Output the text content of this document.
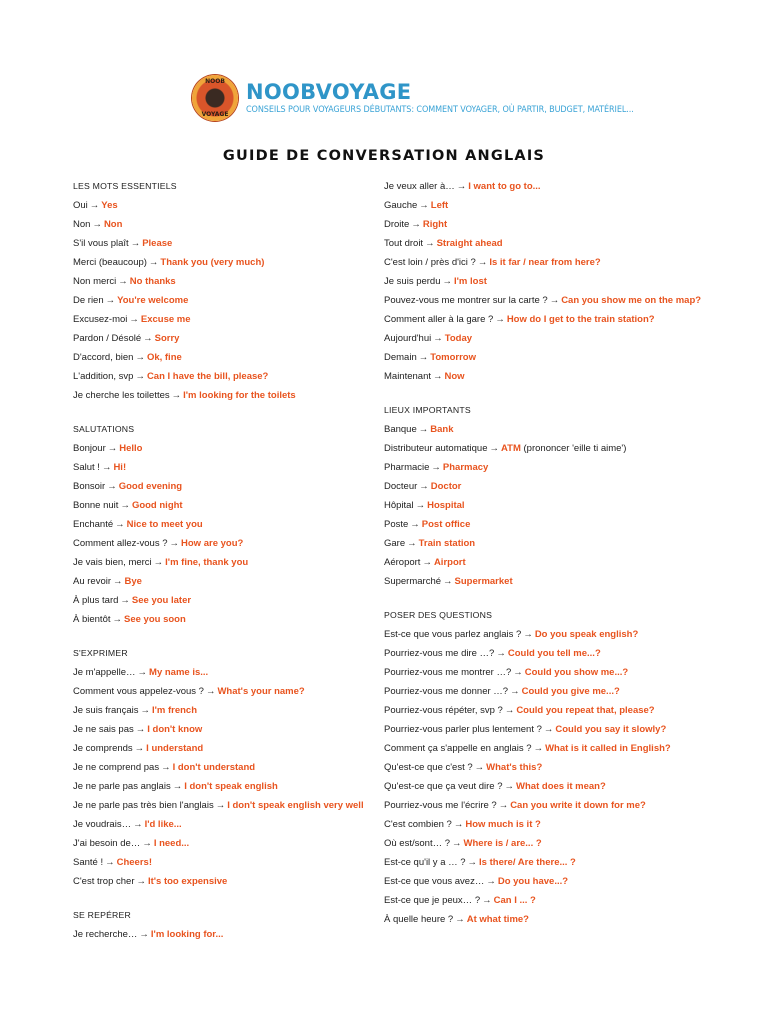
NOOB
VOYAGE
NOOBVOYAGE
CONSEILS POUR VOYAGEURS DÉBUTANTS: COMMENT VOYAGER, OÙ PARTIR, BUDGET, MATÉRIEL...
GUIDE DE CONVERSATION ANGLAIS
LES MOTS ESSENTIELS
Oui → Yes
Non → Non
S'il vous plaît → Please
Merci (beaucoup) → Thank you (very much)
Non merci → No thanks
De rien → You're welcome
Excusez-moi → Excuse me
Pardon / Désolé → Sorry
D'accord, bien → Ok, fine
L'addition, svp → Can I have the bill, please?
Je cherche les toilettes → I'm looking for the toilets
SALUTATIONS
Bonjour → Hello
Salut ! → Hi!
Bonsoir → Good evening
Bonne nuit → Good night
Enchanté → Nice to meet you
Comment allez-vous ? → How are you?
Je vais bien, merci → I'm fine, thank you
Au revoir → Bye
À plus tard → See you later
À bientôt → See you soon
S'EXPRIMER
Je m'appelle… → My name is...
Comment vous appelez-vous ? → What's your name?
Je suis français → I'm french
Je ne sais pas → I don't know
Je comprends → I understand
Je ne comprend pas → I don't understand
Je ne parle pas anglais → I don't speak english
Je ne parle pas très bien l'anglais → I don't speak english very well
Je voudrais… → I'd like...
J'ai besoin de… → I need...
Santé ! → Cheers!
C'est trop cher → It's too expensive
SE REPÉRER
Je recherche… → I'm looking for...
Je veux aller à… → I want to go to...
Gauche → Left
Droite → Right
Tout droit → Straight ahead
C'est loin / près d'ici ? → Is it far / near from here?
Je suis perdu → I'm lost
Pouvez-vous me montrer sur la carte ? → Can you show me on the map?
Comment aller à la gare ? → How do I get to the train station?
Aujourd'hui → Today
Demain → Tomorrow
Maintenant → Now
LIEUX IMPORTANTS
Banque → Bank
Distributeur automatique → ATM (prononcer 'eille ti aime')
Pharmacie → Pharmacy
Docteur → Doctor
Hôpital → Hospital
Poste → Post office
Gare → Train station
Aéroport → Airport
Supermarché → Supermarket
POSER DES QUESTIONS
Est-ce que vous parlez anglais ? → Do you speak english?
Pourriez-vous me dire …? → Could you tell me...?
Pourriez-vous me montrer …? → Could you show me...?
Pourriez-vous me donner …? → Could you give me...?
Pourriez-vous répéter, svp ? → Could you repeat that, please?
Pourriez-vous parler plus lentement ? → Could you say it slowly?
Comment ça s'appelle en anglais ? → What is it called in English?
Qu'est-ce que c'est ? → What's this?
Qu'est-ce que ça veut dire ? → What does it mean?
Pourriez-vous me l'écrire ? → Can you write it down for me?
C'est combien ? → How much is it ?
Où est/sont… ? → Where is / are... ?
Est-ce qu'il y a … ? → Is there/ Are there... ?
Est-ce que vous avez… → Do you have...?
Est-ce que je peux… ? → Can I ... ?
À quelle heure ? → At what time?
